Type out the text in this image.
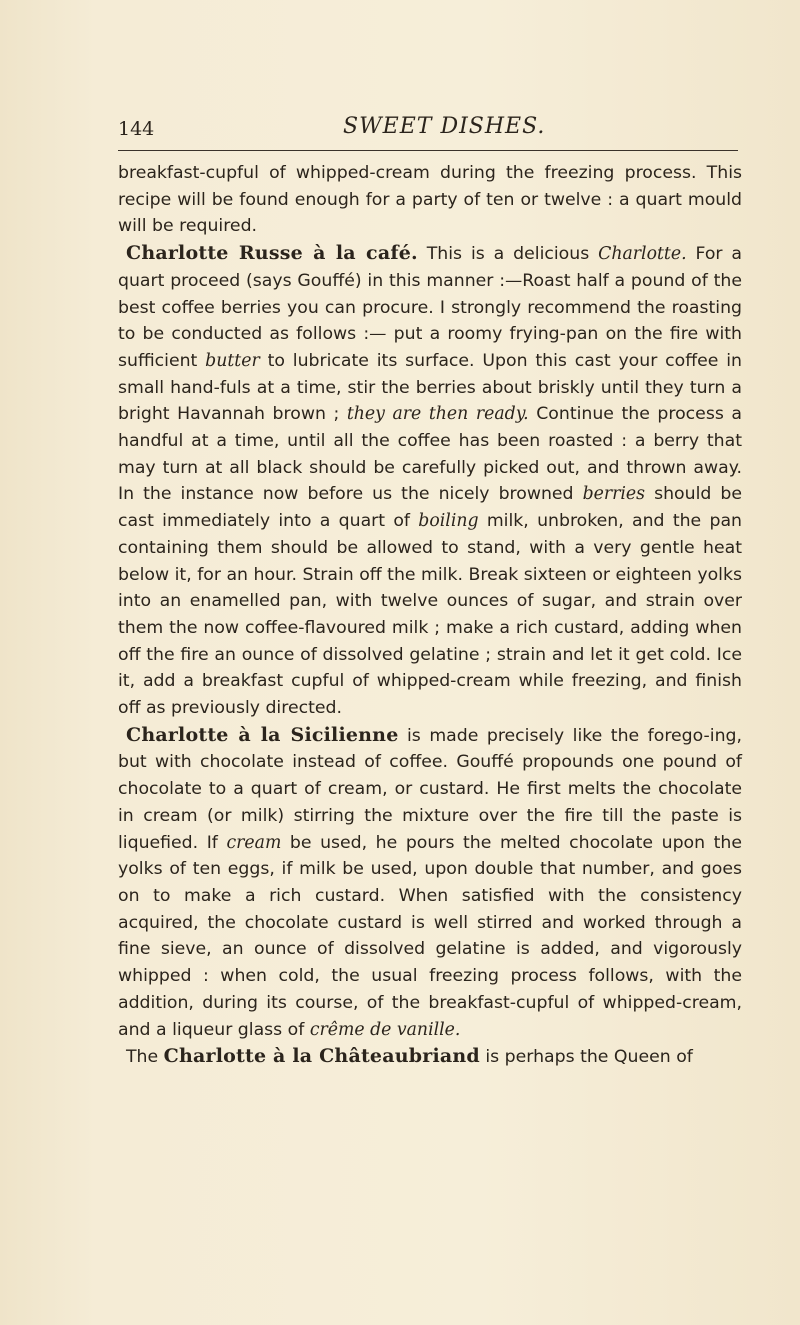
144	SWEET DISHES.

breakfast-cupful of whipped-cream during the freezing process. This recipe will be found enough for a party of ten or twelve : a quart mould will be required.

Charlotte Russe à la café. This is a delicious Charlotte. For a quart proceed (says Gouffé) in this manner :—Roast half a pound of the best coffee berries you can procure. I strongly recommend the roasting to be conducted as follows :— put a roomy frying-pan on the fire with sufficient butter to lubricate its surface. Upon this cast your coffee in small hand-fuls at a time, stir the berries about briskly until they turn a bright Havannah brown ; they are then ready. Continue the process a handful at a time, until all the coffee has been roasted : a berry that may turn at all black should be carefully picked out, and thrown away. In the instance now before us the nicely browned berries should be cast immediately into a quart of boiling milk, unbroken, and the pan containing them should be allowed to stand, with a very gentle heat below it, for an hour. Strain off the milk. Break sixteen or eighteen yolks into an enamelled pan, with twelve ounces of sugar, and strain over them the now coffee-flavoured milk ; make a rich custard, adding when off the fire an ounce of dissolved gelatine ; strain and let it get cold. Ice it, add a breakfast cupful of whipped-cream while freezing, and finish off as previously directed.

Charlotte à la Sicilienne is made precisely like the forego-ing, but with chocolate instead of coffee. Gouffé propounds one pound of chocolate to a quart of cream, or custard. He first melts the chocolate in cream (or milk) stirring the mixture over the fire till the paste is liquefied. If cream be used, he pours the melted chocolate upon the yolks of ten eggs, if milk be used, upon double that number, and goes on to make a rich custard. When satisfied with the consistency acquired, the chocolate custard is well stirred and worked through a fine sieve, an ounce of dissolved gelatine is added, and vigorously whipped : when cold, the usual freezing process follows, with the addition, during its course, of the breakfast-cupful of whipped-cream, and a liqueur glass of crême de vanille.

The Charlotte à la Châteaubriand is perhaps the Queen of
